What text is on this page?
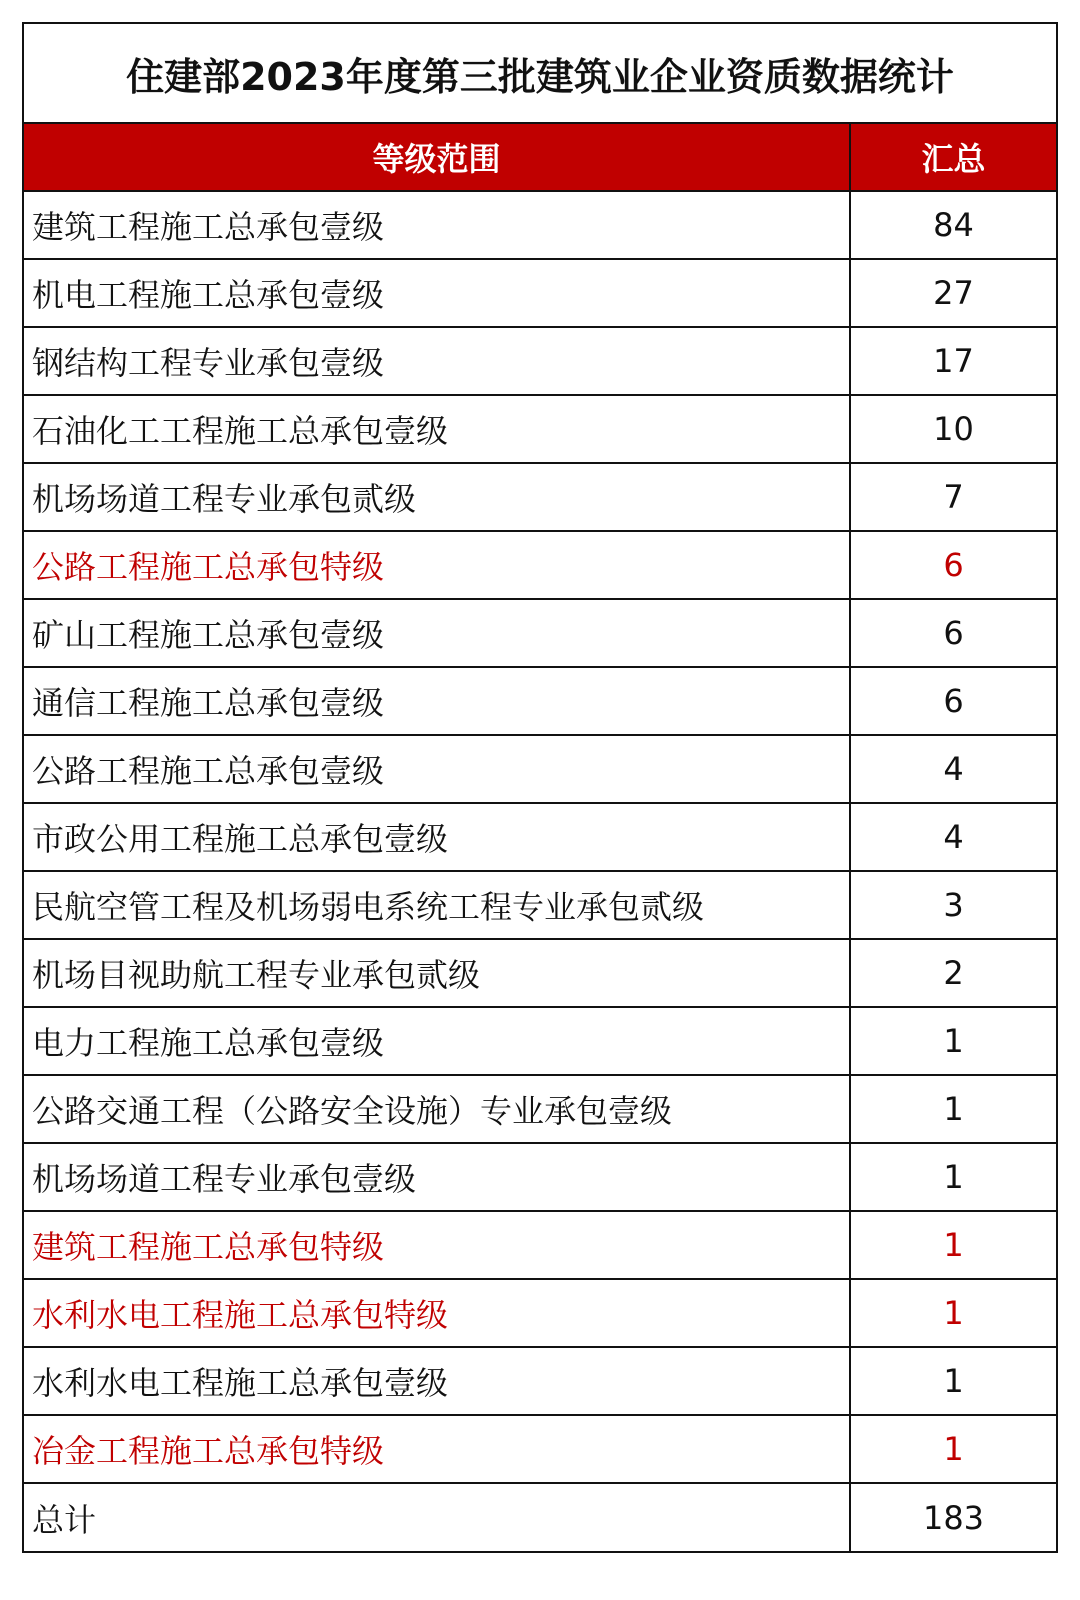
住建部2023年度第三批建筑业企业资质数据统计
等级范围	汇总
建筑工程施工总承包壹级	84
机电工程施工总承包壹级	27
钢结构工程专业承包壹级	17
石油化工工程施工总承包壹级	10
机场场道工程专业承包贰级	7
公路工程施工总承包特级	6
矿山工程施工总承包壹级	6
通信工程施工总承包壹级	6
公路工程施工总承包壹级	4
市政公用工程施工总承包壹级	4
民航空管工程及机场弱电系统工程专业承包贰级	3
机场目视助航工程专业承包贰级	2
电力工程施工总承包壹级	1
公路交通工程（公路安全设施）专业承包壹级	1
机场场道工程专业承包壹级	1
建筑工程施工总承包特级	1
水利水电工程施工总承包特级	1
水利水电工程施工总承包壹级	1
冶金工程施工总承包特级	1
总计	183
